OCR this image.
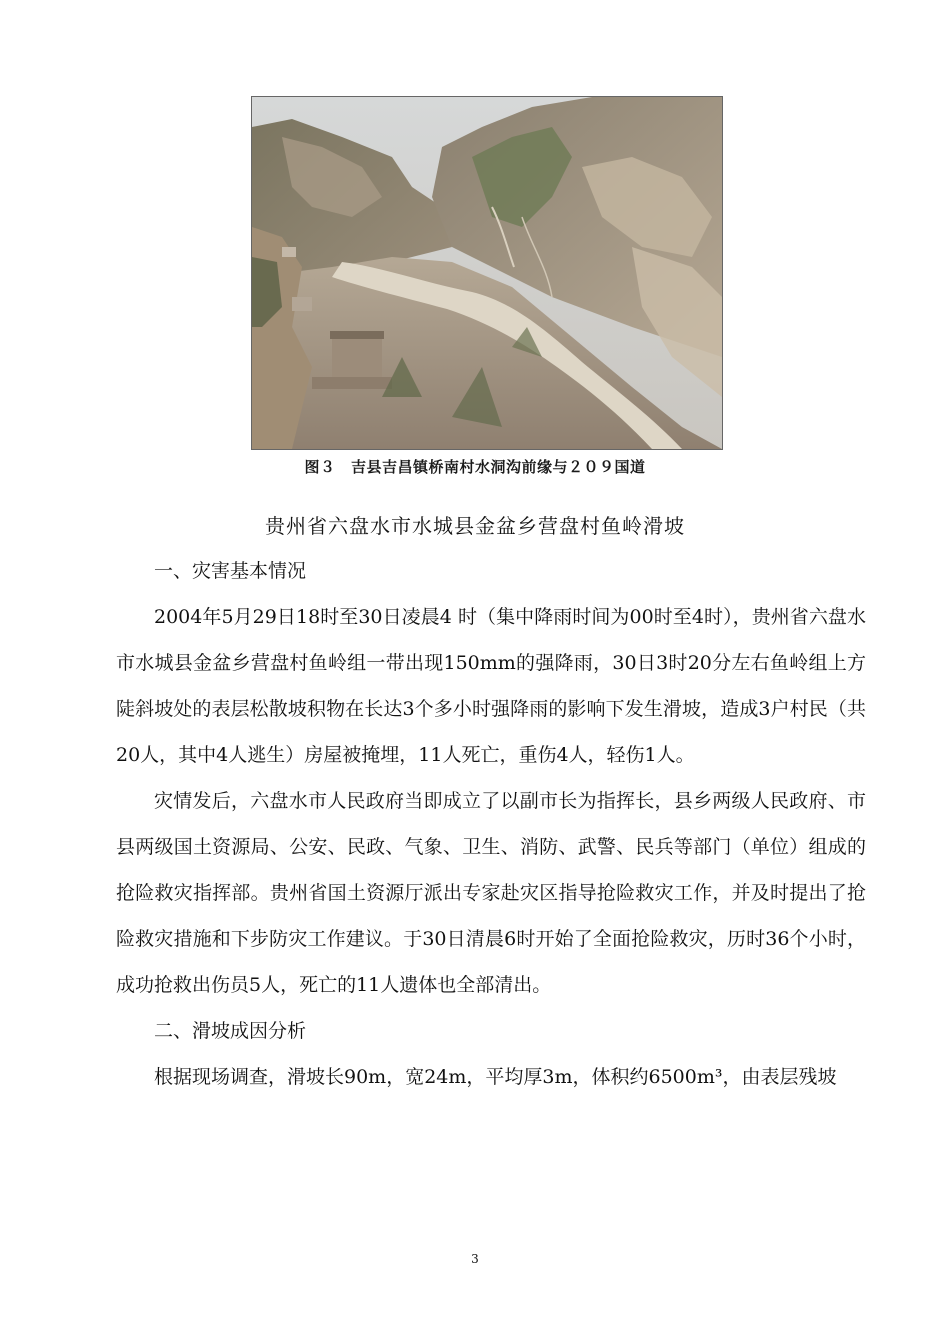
图３　吉县吉昌镇桥南村水洞沟前缘与２０９国道
贵州省六盘水市水城县金盆乡营盘村鱼岭滑坡

一、灾害基本情况

2004年5月29日18时至30日凌晨4 时（集中降雨时间为00时至4时），贵州省六盘水市水城县金盆乡营盘村鱼岭组一带出现150mm的强降雨，30日3时20分左右鱼岭组上方陡斜坡处的表层松散坡积物在长达3个多小时强降雨的影响下发生滑坡，造成3户村民（共20人，其中4人逃生）房屋被掩埋，11人死亡，重伤4人，轻伤1人。

灾情发后，六盘水市人民政府当即成立了以副市长为指挥长，县乡两级人民政府、市县两级国土资源局、公安、民政、气象、卫生、消防、武警、民兵等部门（单位）组成的抢险救灾指挥部。贵州省国土资源厅派出专家赴灾区指导抢险救灾工作，并及时提出了抢险救灾措施和下步防灾工作建议。于30日清晨6时开始了全面抢险救灾，历时36个小时，成功抢救出伤员5人，死亡的11人遗体也全部清出。

二、滑坡成因分析

根据现场调查，滑坡长90m，宽24m，平均厚3m，体积约6500m³，由表层残坡

3
